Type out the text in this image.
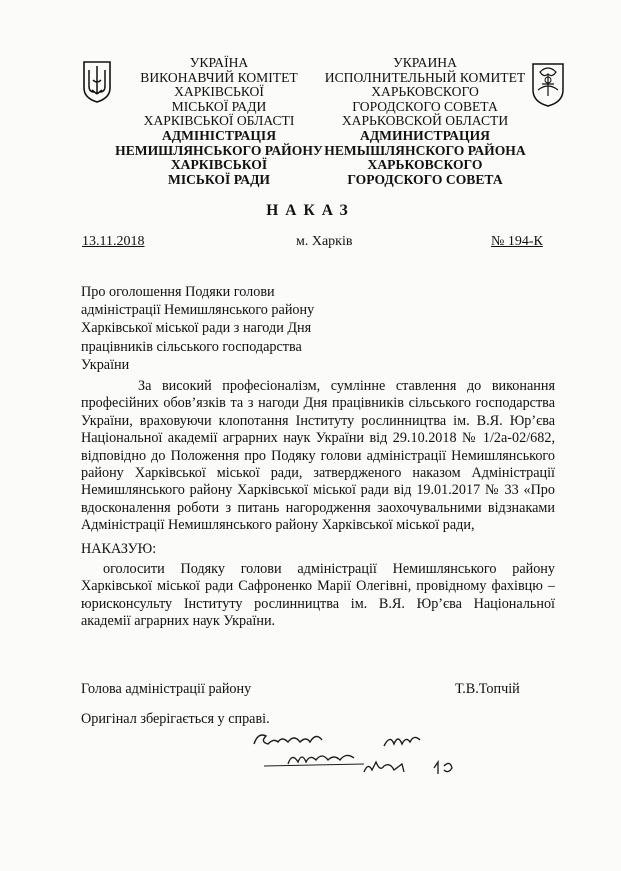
УКРАЇНА
ВИКОНАВЧИЙ КОМІТЕТ
ХАРКІВСЬКОЇ
МІСЬКОЇ РАДИ
ХАРКІВСЬКОЇ ОБЛАСТІ
АДМІНІСТРАЦІЯ
НЕМИШЛЯНСЬКОГО РАЙОНУ
ХАРКІВСЬКОЇ
МІСЬКОЇ РАДИ
УКРАИНА
ИСПОЛНИТЕЛЬНЫЙ КОМИТЕТ
ХАРЬКОВСКОГО
ГОРОДСКОГО СОВЕТА
ХАРЬКОВСКОЙ ОБЛАСТИ
АДМИНИСТРАЦИЯ
НЕМЫШЛЯНСКОГО РАЙОНА
ХАРЬКОВСКОГО
ГОРОДСКОГО СОВЕТА
НАКАЗ
13.11.2018	м. Харків	№ 194-К
Про оголошення Подяки голови адміністрації Немишлянського району Харківської міської ради з нагоди Дня працівників сільського господарства України
За високий професіоналізм, сумлінне ставлення до виконання професійних обов’язків та з нагоди Дня працівників сільського господарства України, враховуючи клопотання Інституту рослинництва ім. В.Я. Юр’єва Національної академії аграрних наук України від 29.10.2018 № 1/2а-02/682, відповідно до Положення про Подяку голови адміністрації Немишлянського району Харківської міської ради, затвердженого наказом Адміністрації Немишлянського району Харківської міської ради від 19.01.2017 № 33 «Про вдосконалення роботи з питань нагородження заохочувальними відзнаками Адміністрації Немишлянського району Харківської міської ради,
НАКАЗУЮ:
оголосити Подяку голови адміністрації Немишлянського району Харківської міської ради Сафроненко Марії Олегівні, провідному фахівцю – юрисконсульту Інституту рослинництва ім. В.Я. Юр’єва Національної академії аграрних наук України.
Голова адміністрації району	Т.В.Топчій
Оригінал зберігається у справі.
